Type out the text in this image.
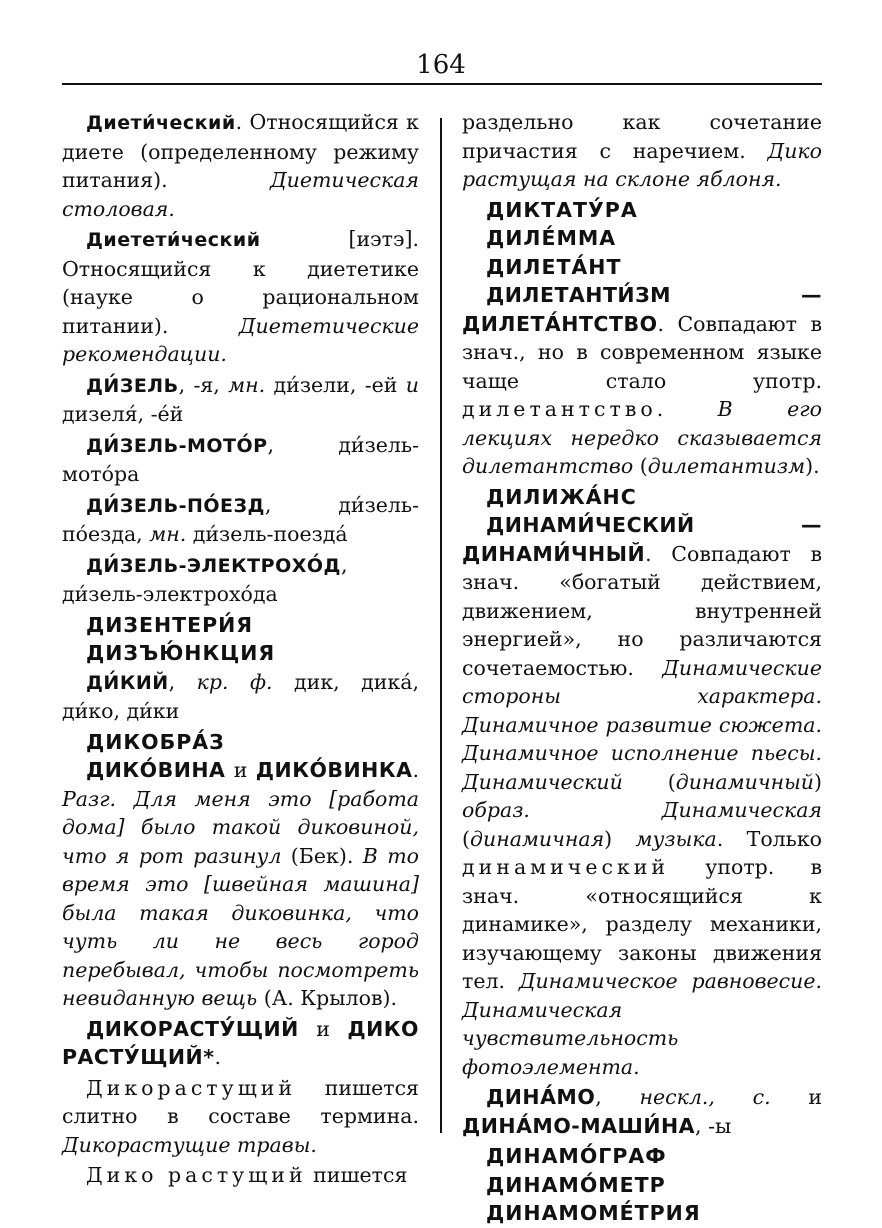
164
Диети́ческий. Относящийся к диете (определенному режиму питания). Диетическая столовая.
Диетети́ческий [иэтэ]. Относящийся к диететике (науке о рациональном питании). Диететические рекомендации.
ДИ́ЗЕЛЬ, -я, мн. ди́зели, -ей и дизеля́, -е́й
ДИ́ЗЕЛЬ-МОТО́Р, ди́зель-мото́ра
ДИ́ЗЕЛЬ-ПО́ЕЗД, ди́зель-по́езда, мн. ди́зель-поезда́
ДИ́ЗЕЛЬ-ЭЛЕКТРОХО́Д, ди́зель-электрохо́да
ДИЗЕНТЕРИ́Я
ДИЗЪЮ́НКЦИЯ
ДИ́КИЙ, кр. ф. дик, дика́, ди́ко, ди́ки
ДИКОБРА́З
ДИКО́ВИНА и ДИКО́ВИНКА. Разг. Для меня это [работа дома] было такой диковиной, что я рот разинул (Бек). В то время это [швейная машина] была такая диковинка, что чуть ли не весь город перебывал, чтобы посмотреть невиданную вещь (А. Крылов).
ДИКОРАСТУ́ЩИЙ и ДИКО РАСТУ́ЩИЙ*.
Дикорастущий пишется слитно в составе термина. Дикорастущие травы.
Дико растущий пишется
раздельно как сочетание причастия с наречием. Дико растущая на склоне яблоня.
ДИКТАТУ́РА
ДИЛЕ́ММА
ДИЛЕТА́НТ
ДИЛЕТАНТИ́ЗМ — ДИЛЕТА́НТСТВО. Совпадают в знач., но в современном языке чаще стало употр. дилетантство. В его лекциях нередко сказывается дилетантство (дилетантизм).
ДИЛИЖА́НС
ДИНАМИ́ЧЕСКИЙ — ДИНАМИ́ЧНЫЙ. Совпадают в знач. «богатый действием, движением, внутренней энергией», но различаются сочетаемостью. Динамические стороны характера. Динамичное развитие сюжета. Динамичное исполнение пьесы. Динамический (динамичный) образ. Динамическая (динамичная) музыка. Только динамический употр. в знач. «относящийся к динамике», разделу механики, изучающему законы движения тел. Динамическое равновесие. Динамическая чувствительность фотоэлемента.
ДИНА́МО, нескл., с. и ДИНА́МО-МАШИ́НА, -ы
ДИНАМО́ГРАФ
ДИНАМО́МЕТР
ДИНАМОМЕ́ТРИЯ
